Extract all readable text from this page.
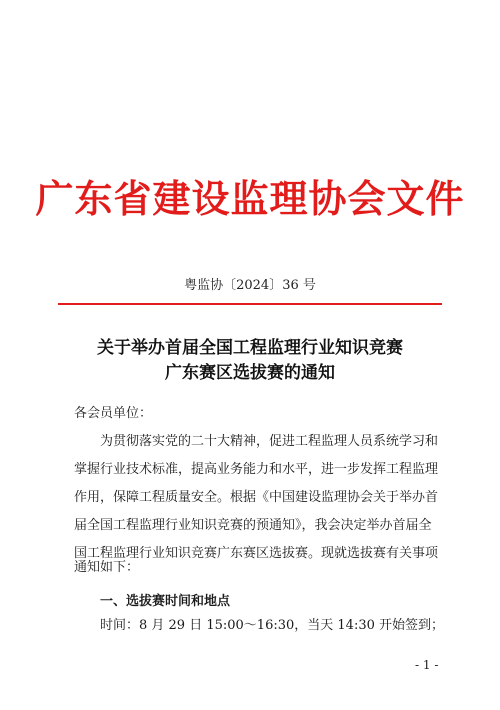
广东省建设监理协会文件
粤监协〔2024〕36 号
关于举办首届全国工程监理行业知识竞赛
广东赛区选拔赛的通知
各会员单位：
为贯彻落实党的二十大精神，促进工程监理人员系统学习和
掌握行业技术标准，提高业务能力和水平，进一步发挥工程监理
作用，保障工程质量安全。根据《中国建设监理协会关于举办首
届全国工程监理行业知识竞赛的预通知》，我会决定举办首届全
国工程监理行业知识竞赛广东赛区选拔赛。现就选拔赛有关事项
通知如下：
一、选拔赛时间和地点
时间：8 月 29 日 15:00～16:30，当天 14:30 开始签到；
- 1 -
